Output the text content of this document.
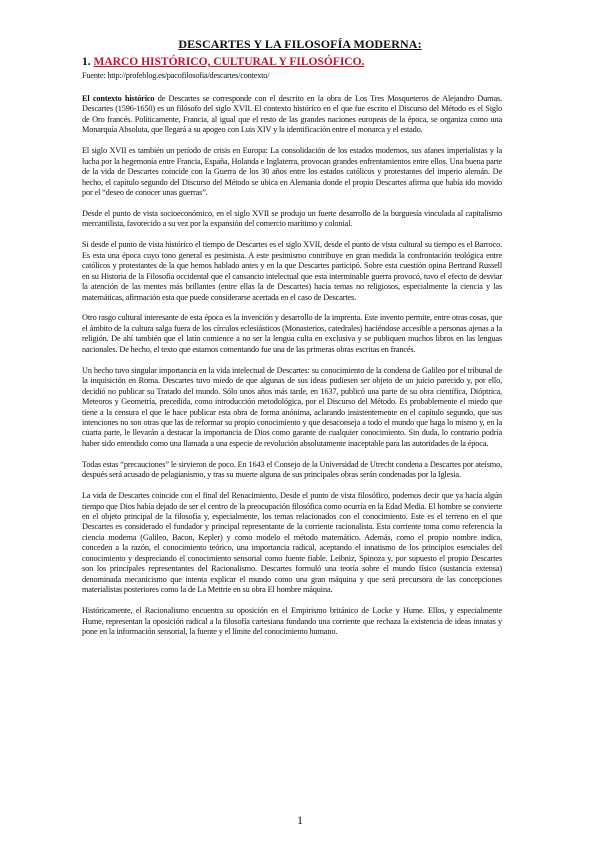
DESCARTES Y LA FILOSOFÍA MODERNA:
1. MARCO HISTÓRICO, CULTURAL Y FILOSÓFICO.
Fuente: http://profeblog.es/pacofilosofia/descartes/contexto/

El contexto histórico de Descartes se corresponde con el descrito en la obra de Los Tres Mosqueteros de Alejandro Dumas. Descartes (1596-1650) es un filósofo del siglo XVII. El contexto histórico en el que fue escrito el Discurso del Método es el Siglo de Oro francés. Políticamente, Francia, al igual que el resto de las grandes naciones europeas de la época, se organiza como una Monarquía Absoluta, que llegará a su apogeo con Luis XIV y la identificación entre el monarca y el estado.

El siglo XVII es también un período de crisis en Europa: La consolidación de los estados modernos, sus afanes imperialistas y la lucha por la hegemonía entre Francia, España, Holanda e Inglaterra, provocan grandes enfrentamientos entre ellos. Una buena parte de la vida de Descartes coincide con la Guerra de los 30 años entre los estados católicos y protestantes del imperio alemán. De hecho, el capítulo segundo del Discurso del Método se ubica en Alemania donde el propio Descartes afirma que había ido movido por el “deseo de conocer unas guerras”.

Desde el punto de vista socioeconómico, en el siglo XVII se produjo un fuerte desarrollo de la burguesía vinculada al capitalismo mercantilista, favorecido a su vez por la expansión del comercio marítimo y colonial.

Si desde el punto de vista histórico el tiempo de Descartes es el siglo XVII, desde el punto de vista cultural su tiempo es el Barroco. Es esta una época cuyo tono general es pesimista. A este pesimismo contribuye en gran medida la confrontación teológica entre católicos y protestantes de la que hemos hablado antes y en la que Descartes participó. Sobre esta cuestión opina Bertrand Russell en su Historia de la Filosofía occidental que el cansancio intelectual que esta interminable guerra provocó, tuvo el efecto de desviar la atención de las mentes más brillantes (entre ellas la de Descartes) hacia temas no religiosos, especialmente la ciencia y las matemáticas, afirmación esta que puede considerarse acertada en el caso de Descartes.

Otro rasgo cultural interesante de esta época es la invención y desarrollo de la imprenta. Este invento permite, entre otras cosas, que el ámbito de la cultura salga fuera de los círculos eclesiásticos (Monasterios, catedrales) haciéndose accesible a personas ajenas a la religión. De ahí también que el latín comience a no ser la lengua culta en exclusiva y se publiquen muchos libros en las lenguas nacionales. De hecho, el texto que estamos comentando fue una de las primeras obras escritas en francés.

Un hecho tuvo singular importancia en la vida intelectual de Descartes: su conocimiento de la condena de Galileo por el tribunal de la inquisición en Roma. Descartes tuvo miedo de que algunas de sus ideas pudiesen ser objeto de un juicio parecido y, por ello, decidió no publicar su Tratado del mundo. Sólo unos años más tarde, en 1637, publicó una parte de su obra científica, Dióptrica, Meteoros y Geometría, precedida, como introducción metodológica, por el Discurso del Método. Es probablemente el miedo que tiene a la censura el que le hace publicar esta obra de forma anónima, aclarando insistentemente en el capítulo segundo, que sus intenciones no son otras que las de reformar su propio conocimiento y que desaconseja a todo el mundo que haga lo mismo y, en la cuarta parte, le llevarán a destacar la importancia de Dios como garante de cualquier conocimiento. Sin duda, lo contrario podría haber sido entendido como una llamada a una especie de revolución absolutamente inaceptable para las autoridades de la época.

Todas estas “precauciones” le sirvieron de poco. En 1643 el Consejo de la Universidad de Utrecht condena a Descartes por ateísmo, después será acusado de pelagianismo, y tras su muerte alguna de sus principales obras serán condenadas por la Iglesia.

La vida de Descartes coincide con el final del Renacimiento. Desde el punto de vista filosófico, podemos decir que ya hacía algún tiempo que Dios había dejado de ser el centro de la preocupación filosófica como ocurría en la Edad Media. El hombre se convierte en el objeto principal de la filosofía y, especialmente, los temas relacionados con el conocimiento. Este es el terreno en el que Descartes es considerado el fundador y principal representante de la corriente racionalista. Esta corriente toma como referencia la ciencia moderna (Galileo, Bacon, Kepler) y como modelo el método matemático. Además, como el propio nombre indica, conceden a la razón, el conocimiento teórico, una importancia radical, aceptando el innatismo de los principios esenciales del conocimiento y despreciando el conocimiento sensorial como fuente fiable. Leibniz, Spinoza y, por supuesto el propio Descartes son los principales representantes del Racionalismo. Descartes formuló una teoría sobre el mundo físico (sustancia extensa) denominada mecanicismo que intenta explicar el mundo como una gran máquina y que será precursora de las concepciones materialistas posteriores como la de La Mettrie en su obra El hombre máquina.

Históricamente, el Racionalismo encuentra su oposición en el Empirismo británico de Locke y Hume. Ellos, y especialmente Hume, representan la oposición radical a la filosofía cartesiana fundando una corriente que rechaza la existencia de ideas innatas y pone en la información sensorial, la fuente y el límite del conocimiento humano.

1
